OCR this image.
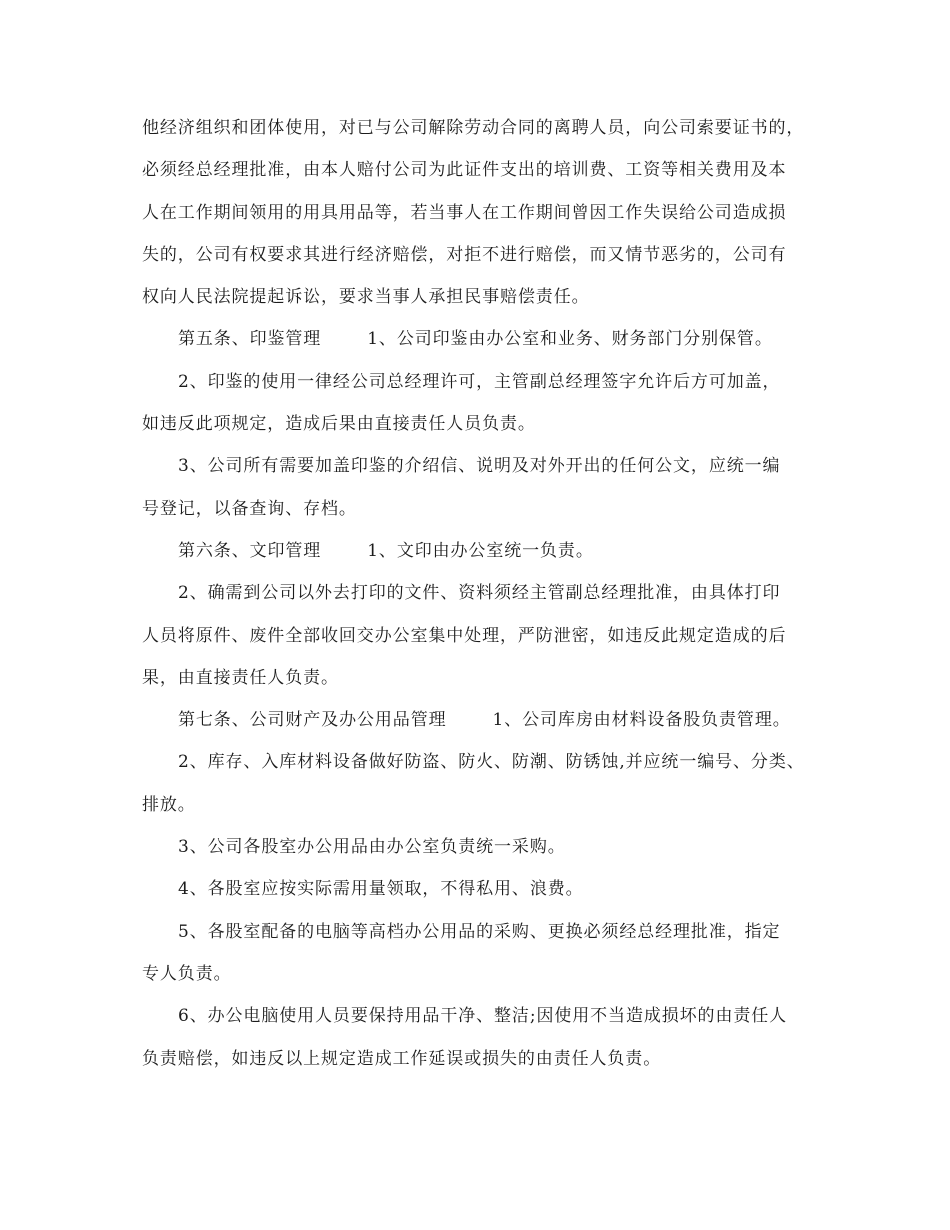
他经济组织和团体使用，对已与公司解除劳动合同的离聘人员，向公司索要证书的，
必须经总经理批准，由本人赔付公司为此证件支出的培训费、工资等相关费用及本
人在工作期间领用的用具用品等，若当事人在工作期间曾因工作失误给公司造成损
失的，公司有权要求其进行经济赔偿，对拒不进行赔偿，而又情节恶劣的，公司有
权向人民法院提起诉讼，要求当事人承担民事赔偿责任。
第五条、印鉴管理	1、公司印鉴由办公室和业务、财务部门分别保管。
2、印鉴的使用一律经公司总经理许可，主管副总经理签字允许后方可加盖，
如违反此项规定，造成后果由直接责任人员负责。
3、公司所有需要加盖印鉴的介绍信、说明及对外开出的任何公文，应统一编
号登记，以备查询、存档。
第六条、文印管理	1、文印由办公室统一负责。
2、确需到公司以外去打印的文件、资料须经主管副总经理批准，由具体打印
人员将原件、废件全部收回交办公室集中处理，严防泄密，如违反此规定造成的后
果，由直接责任人负责。
第七条、公司财产及办公用品管理	1、公司库房由材料设备股负责管理。
2、库存、入库材料设备做好防盗、防火、防潮、防锈蚀,并应统一编号、分类、
排放。
3、公司各股室办公用品由办公室负责统一采购。
4、各股室应按实际需用量领取，不得私用、浪费。
5、各股室配备的电脑等高档办公用品的采购、更换必须经总经理批准，指定
专人负责。
6、办公电脑使用人员要保持用品干净、整洁;因使用不当造成损坏的由责任人
负责赔偿，如违反以上规定造成工作延误或损失的由责任人负责。
